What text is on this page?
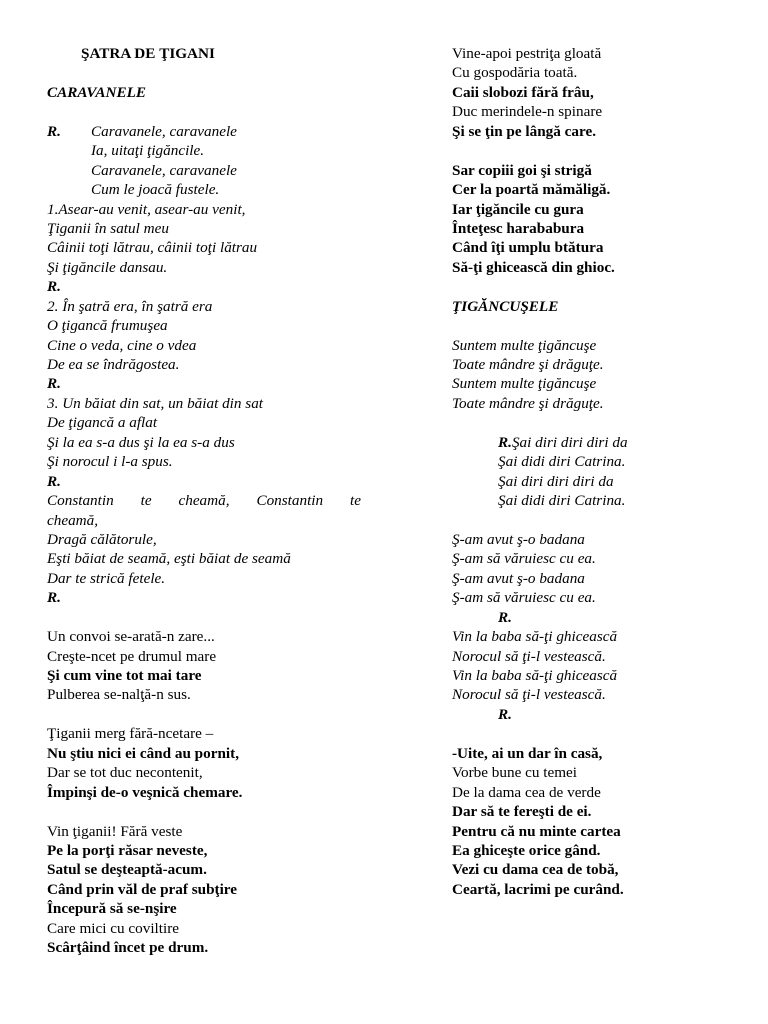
ŞATRA DE ŢIGANI
CARAVANELE
R. Caravanele, caravanele
Ia, uitaţi ţigăncile.
Caravanele, caravanele
Cum le joacă fustele.
1.Asear-au venit, asear-au venit,
Ţiganii în satul meu
Câinii toţi lătrau, câinii toţi lătrau
Şi ţigăncile dansau.
R.
2. În şatră era, în şatră era
O ţigancă frumuşea
Cine o veda, cine o vdea
De ea se îndrăgostea.
R.
3. Un băiat din sat, un băiat din sat
De ţigancă a aflat
Şi la ea s-a dus şi la ea s-a dus
Şi norocul i l-a spus.
R.
Constantin te cheamă, Constantin te
cheamă,
Dragă călătorule,
Eşti băiat de seamă, eşti băiat de seamă
Dar te strică fetele.
R.
Un convoi se-arată-n zare...
Creşte-ncet pe drumul mare
Şi cum vine tot mai tare
Pulberea se-nalţă-n sus.
Ţiganii merg fără-ncetare –
Nu ştiu nici ei când au pornit,
Dar se tot duc necontenit,
Împinşi de-o veşnică chemare.
Vin ţiganii! Fără veste
Pe la porţi răsar neveste,
Satul se deşteaptă-acum.
Când prin văl de praf subţire
Începură să se-nşire
Care mici cu coviltire
Scârţâind încet pe drum.
Vine-apoi pestriţa gloată
Cu gospodăria toată.
Caii slobozi fără frâu,
Duc merindele-n spinare
Şi se ţin pe lângă care.
Sar copiii goi şi strigă
Cer la poartă mămăligă.
Iar ţigăncile cu gura
Înteţesc harababura
Când îţi umplu btătura
Să-ţi ghicească din ghioc.
ŢIGĂNCUŞELE
Suntem multe ţigăncuşe
Toate mândre şi drăguţe.
Suntem multe ţigăncuşe
Toate mândre şi drăguţe.
R.Şai diri diri diri da
Şai didi diri Catrina.
Şai diri diri diri da
Şai didi diri Catrina.
Ş-am avut ş-o badana
Ş-am să văruiesc cu ea.
Ş-am avut ş-o badana
Ş-am să văruiesc cu ea.
R.
Vin la baba să-ţi ghicească
Norocul să ţi-l vestească.
Vin la baba să-ţi ghicească
Norocul să ţi-l vestească.
R.
-Uite, ai un dar în casă,
Vorbe bune cu temei
De la dama cea de verde
Dar să te fereşti de ei.
Pentru că nu minte cartea
Ea ghiceşte orice gând.
Vezi cu dama cea de tobă,
Ceartă, lacrimi pe curând.
